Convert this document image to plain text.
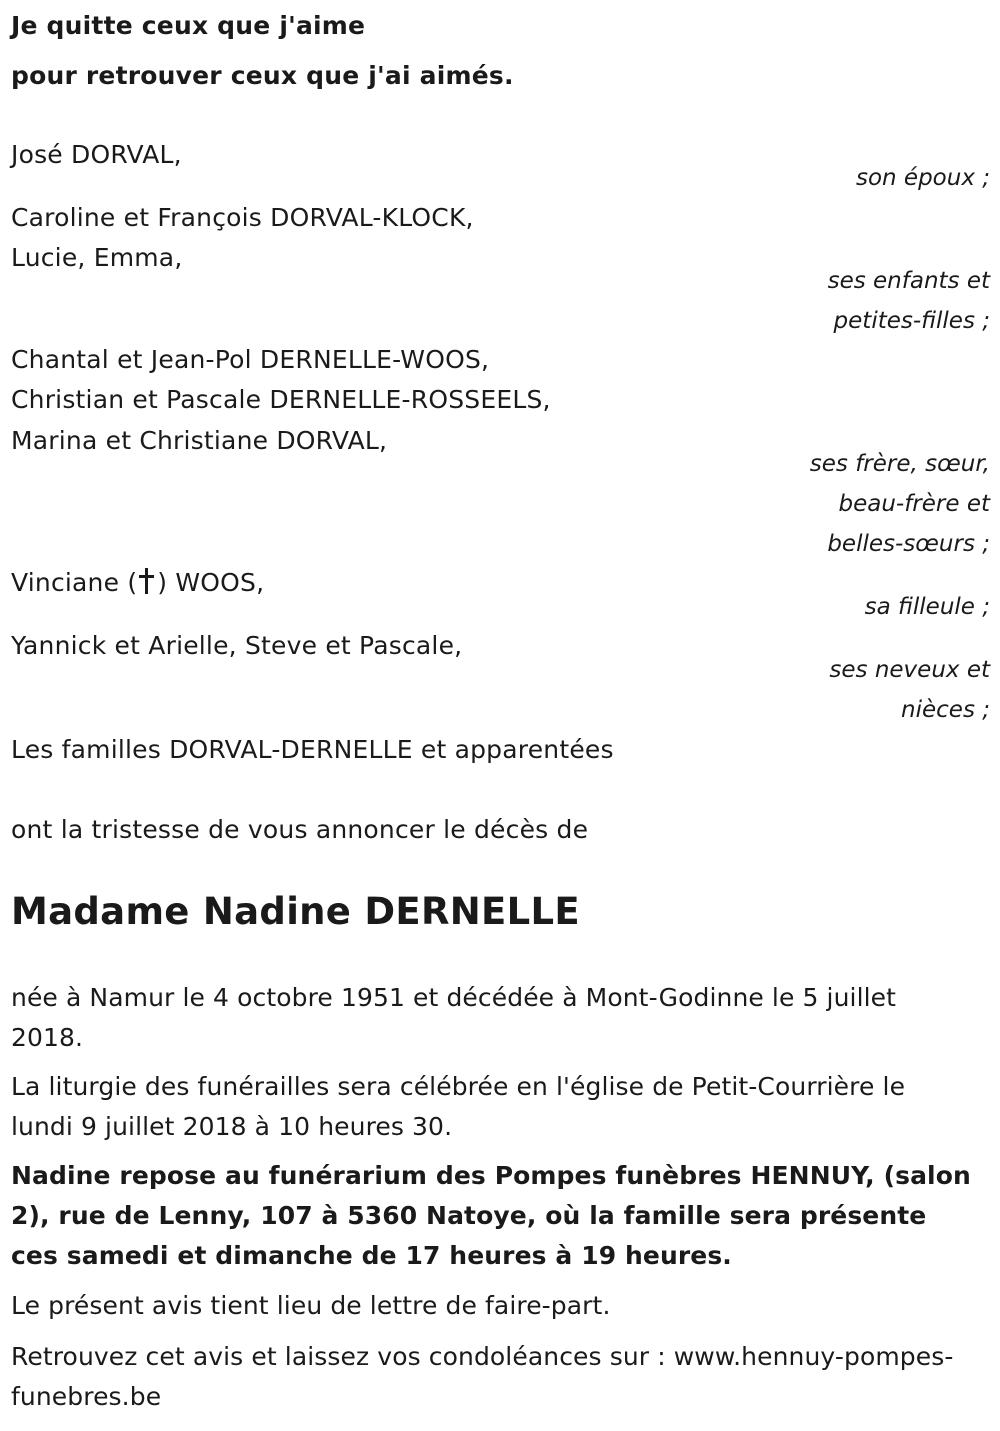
Je quitte ceux que j'aime
pour retrouver ceux que j'ai aimés.
José DORVAL,
son époux ;
Caroline et François DORVAL-KLOCK,
Lucie, Emma,
ses enfants et
petites-filles ;
Chantal et Jean-Pol DERNELLE-WOOS,
Christian et Pascale DERNELLE-ROSSEELS,
Marina et Christiane DORVAL,
ses frère, sœur,
beau-frère et
belles-sœurs ;
Vinciane ( ) WOOS,
sa filleule ;
Yannick et Arielle, Steve et Pascale,
ses neveux et
nièces ;
Les familles DORVAL-DERNELLE et apparentées
ont la tristesse de vous annoncer le décès de
Madame Nadine DERNELLE
née à Namur le 4 octobre 1951 et décédée à Mont-Godinne le 5 juillet 2018.
La liturgie des funérailles sera célébrée en l'église de Petit-Courrière le lundi 9 juillet 2018 à 10 heures 30.
Nadine repose au funérarium des Pompes funèbres HENNUY, (salon 2), rue de Lenny, 107 à 5360 Natoye, où la famille sera présente ces samedi et dimanche de 17 heures à 19 heures.
Le présent avis tient lieu de lettre de faire-part.
Retrouvez cet avis et laissez vos condoléances sur : www.hennuy-pompes-funebres.be
